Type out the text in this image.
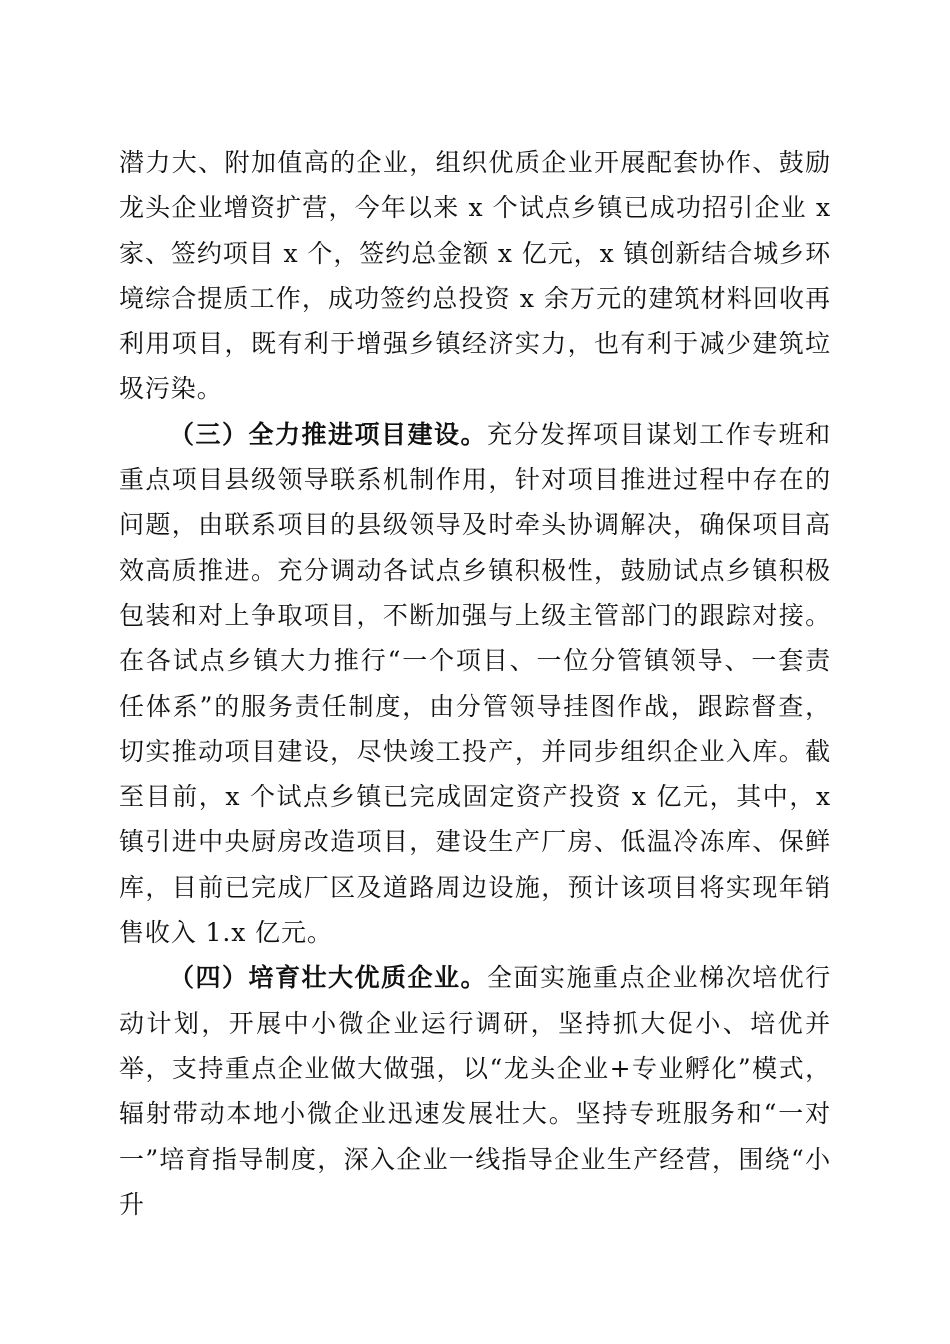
潜力大、附加值高的企业，组织优质企业开展配套协作、鼓励龙头企业增资扩营，今年以来 x 个试点乡镇已成功招引企业 x 家、签约项目 x 个，签约总金额 x 亿元，x 镇创新结合城乡环境综合提质工作，成功签约总投资 x 余万元的建筑材料回收再利用项目，既有利于增强乡镇经济实力，也有利于减少建筑垃圾污染。

（三）全力推进项目建设。充分发挥项目谋划工作专班和重点项目县级领导联系机制作用，针对项目推进过程中存在的问题，由联系项目的县级领导及时牵头协调解决，确保项目高效高质推进。充分调动各试点乡镇积极性，鼓励试点乡镇积极包装和对上争取项目，不断加强与上级主管部门的跟踪对接。在各试点乡镇大力推行“一个项目、一位分管镇领导、一套责任体系”的服务责任制度，由分管领导挂图作战，跟踪督查，切实推动项目建设，尽快竣工投产，并同步组织企业入库。截至目前，x 个试点乡镇已完成固定资产投资 x 亿元，其中，x 镇引进中央厨房改造项目，建设生产厂房、低温冷冻库、保鲜库，目前已完成厂区及道路周边设施，预计该项目将实现年销售收入 1.x 亿元。

（四）培育壮大优质企业。全面实施重点企业梯次培优行动计划，开展中小微企业运行调研，坚持抓大促小、培优并举，支持重点企业做大做强，以“龙头企业+专业孵化”模式，辐射带动本地小微企业迅速发展壮大。坚持专班服务和“一对一”培育指导制度，深入企业一线指导企业生产经营，围绕“小升
